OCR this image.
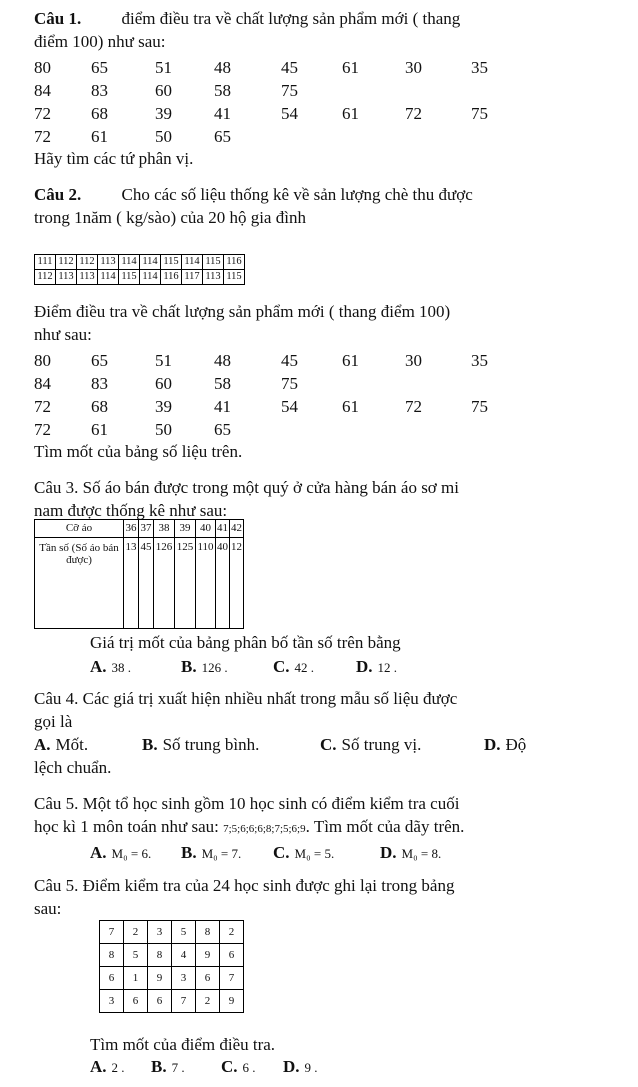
Câu 1. điểm điều tra về chất lượng sản phẩm mới ( thang
điểm 100) như sau:
80 65	51 48	45	61	30	35
84 83	60 58	75
72 68	39 41	54	61	72	75
72 61	50 65
Hãy tìm các tứ phân vị.
Câu 2. Cho các số liệu thống kê về sản lượng chè thu được
trong 1năm ( kg/sào) của 20 hộ gia đình
111	112	112	113	114	114	115	114	115	116
112	113	113	114	115	114	116	117	113	115
Điểm điều tra về chất lượng sản phẩm mới ( thang điểm 100)
như sau:
80 65	51 48	45	61	30	35
84 83	60 58	75
72 68	39 41	54	61	72	75
72 61	50 65
Tìm mốt của bảng số liệu trên.
Câu 3. Số áo bán được trong một quý ở cửa hàng bán áo sơ mi
nam được thống kê như sau:
Cỡ áo	36	37	38	39	40	41	42
Tần số (Số áo bán được)	13	45	126	125	110	40	12
Giá trị mốt của bảng phân bố tần số trên bằng
A. 38 .	B. 126 .	C. 42 . D. 12 .
Câu 4. Các giá trị xuất hiện nhiều nhất trong mẫu số liệu được
gọi là
A. Mốt.	B. Số trung bình.	C. Số trung vị.	D. Độ
lệch chuẩn.
Câu 5. Một tổ học sinh gồm 10 học sinh có điểm kiểm tra cuối
học kì 1 môn toán như sau: 7;5;6;6;6;8;7;5;6;9. Tìm mốt của dãy trên.
A. M₀ = 6. B. M₀ = 7. C. M₀ = 5.	D. M₀ = 8.
Câu 5. Điểm kiểm tra của 24 học sinh được ghi lại trong bảng
sau:
7	2	3	5	8	2
8	5	8	4	9	6
6	1	9	3	6	7
3	6	6	7	2	9
Tìm mốt của điểm điều tra.
A. 2 . B. 7 . C. 6 . D. 9 .
